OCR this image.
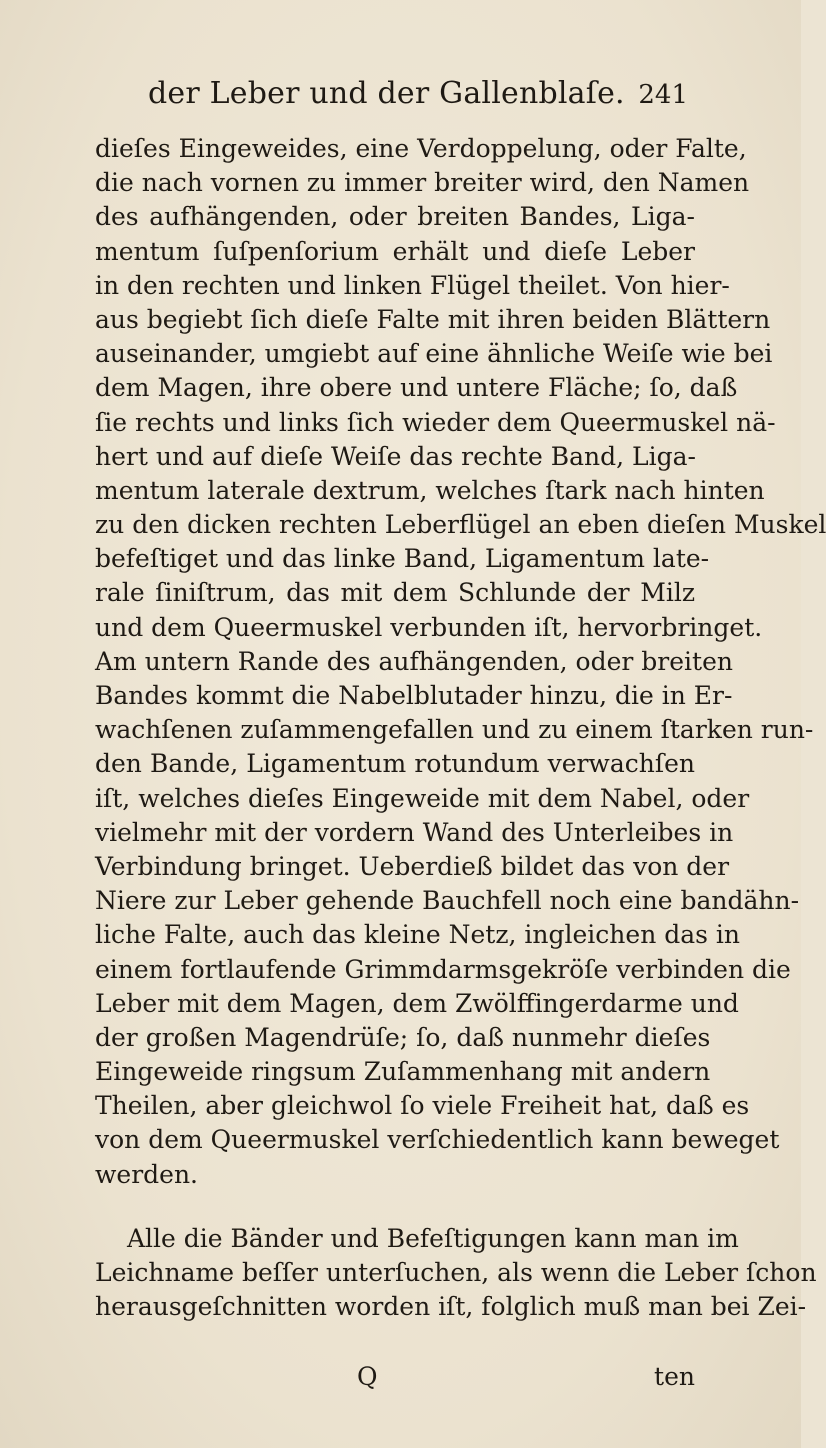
der Leber und der Gallenblaſe. 241
dieſes Eingeweides, eine Verdoppelung, oder Falte,
die nach vornen zu immer breiter wird, den Namen
des aufhängenden, oder breiten Bandes, Liga-
mentum ſuſpenſorium erhält und dieſe Leber
in den rechten und linken Flügel theilet. Von hier-
aus begiebt ſich dieſe Falte mit ihren beiden Blättern
auseinander, umgiebt auf eine ähnliche Weiſe wie bei
dem Magen, ihre obere und untere Fläche; ſo, daß
ſie rechts und links ſich wieder dem Queermuskel nä-
hert und auf dieſe Weiſe das rechte Band, Liga-
mentum laterale dextrum, welches ſtark nach hinten
zu den dicken rechten Leberflügel an eben dieſen Muskel
befeſtiget und das linke Band, Ligamentum late-
rale ſiniſtrum, das mit dem Schlunde der Milz
und dem Queermuskel verbunden iſt, hervorbringet.
Am untern Rande des aufhängenden, oder breiten
Bandes kommt die Nabelblutader hinzu, die in Er-
wachſenen zuſammengefallen und zu einem ſtarken run-
den Bande, Ligamentum rotundum verwachſen
iſt, welches dieſes Eingeweide mit dem Nabel, oder
vielmehr mit der vordern Wand des Unterleibes in
Verbindung bringet. Ueberdieß bildet das von der
Niere zur Leber gehende Bauchfell noch eine bandähn-
liche Falte, auch das kleine Netz, ingleichen das in
einem fortlaufende Grimmdarmsgekröſe verbinden die
Leber mit dem Magen, dem Zwölffingerdarme und
der großen Magendrüſe; ſo, daß nunmehr dieſes
Eingeweide ringsum Zuſammenhang mit andern
Theilen, aber gleichwol ſo viele Freiheit hat, daß es
von dem Queermuskel verſchiedentlich kann beweget
werden.
Alle die Bänder und Befeſtigungen kann man im
Leichname beſſer unterſuchen, als wenn die Leber ſchon
herausgeſchnitten worden iſt, folglich muß man bei Zei-
Q	ten
